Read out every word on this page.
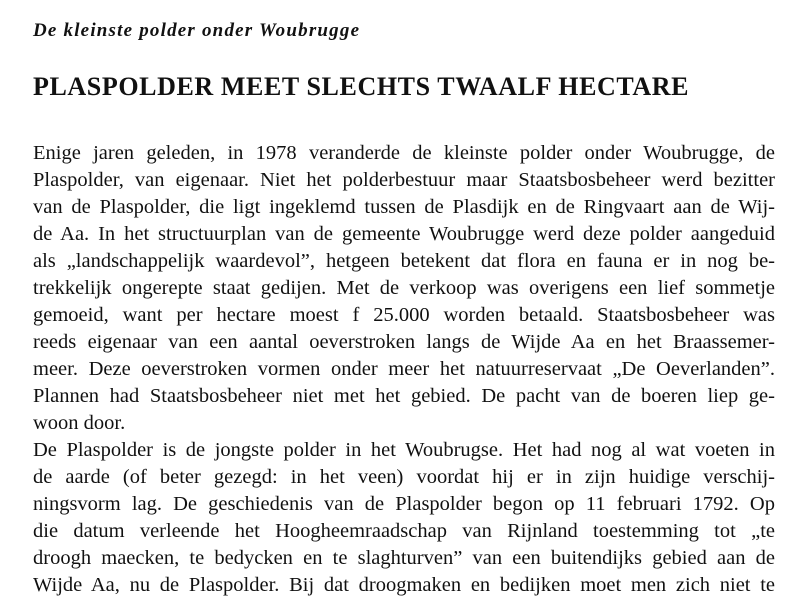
De kleinste polder onder Woubrugge

PLASPOLDER MEET SLECHTS TWAALF HECTARE
Enige jaren geleden, in 1978 veranderde de kleinste polder onder Woubrugge, de
Plaspolder, van eigenaar. Niet het polderbestuur maar Staatsbosbeheer werd bezitter
van de Plaspolder, die ligt ingeklemd tussen de Plasdijk en de Ringvaart aan de Wij-
de Aa. In het structuurplan van de gemeente Woubrugge werd deze polder aangeduid
als „landschappelijk waardevol”, hetgeen betekent dat flora en fauna er in nog be-
trekkelijk ongerepte staat gedijen. Met de verkoop was overigens een lief sommetje
gemoeid, want per hectare moest f 25.000 worden betaald. Staatsbosbeheer was
reeds eigenaar van een aantal oeverstroken langs de Wijde Aa en het Braassemer-
meer. Deze oeverstroken vormen onder meer het natuurreservaat „De Oeverlanden”.
Plannen had Staatsbosbeheer niet met het gebied. De pacht van de boeren liep ge-
woon door.
De Plaspolder is de jongste polder in het Woubrugse. Het had nog al wat voeten in
de aarde (of beter gezegd: in het veen) voordat hij er in zijn huidige verschij-
ningsvorm lag. De geschiedenis van de Plaspolder begon op 11 februari 1792. Op
die datum verleende het Hoogheemraadschap van Rijnland toestemming tot „te
droogh maecken, te bedycken en te slaghturven” van een buitendijks gebied aan de
Wijde Aa, nu de Plaspolder. Bij dat droogmaken en bedijken moet men zich niet te
